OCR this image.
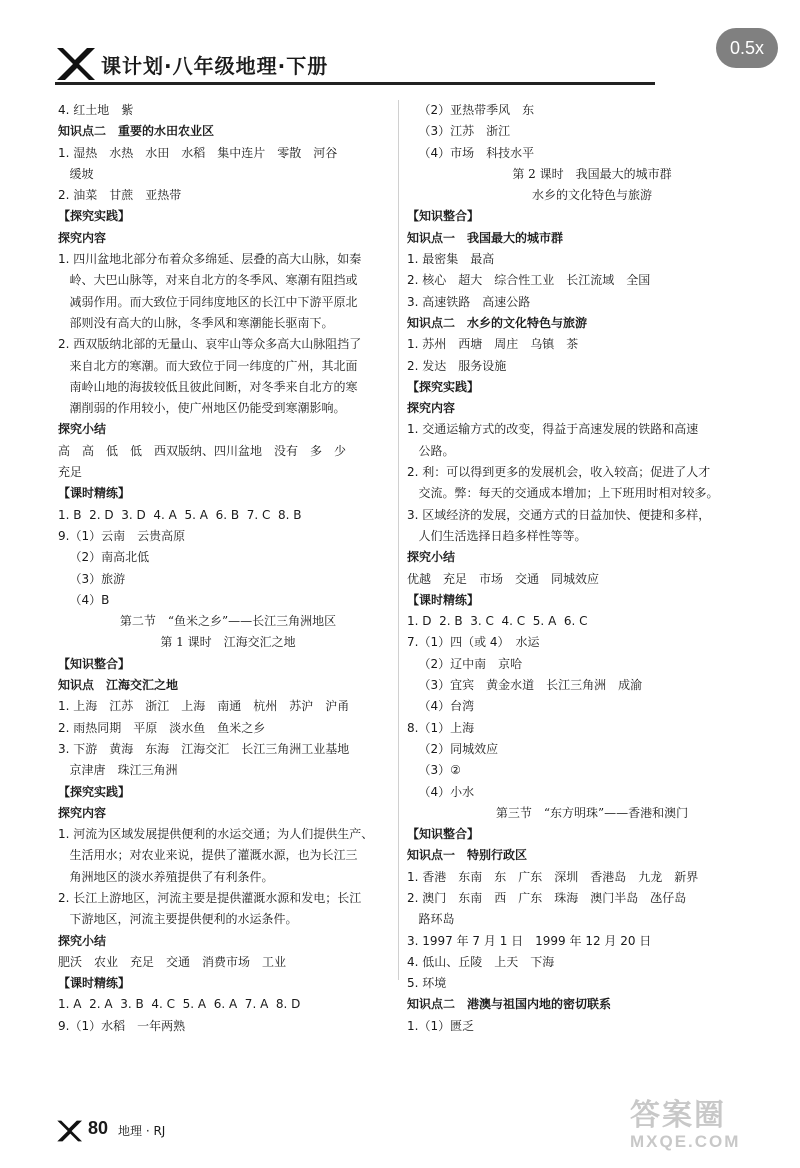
课计划·八年级地理·下册
0.5x
4. 红土地　紫
知识点二　重要的水田农业区
1. 湿热　水热　水田　水稻　集中连片　零散　河谷
缓坡
2. 油菜　甘蔗　亚热带
【探究实践】
探究内容
1. 四川盆地北部分布着众多绵延、层叠的高大山脉，如秦
岭、大巴山脉等，对来自北方的冬季风、寒潮有阻挡或
减弱作用。而大致位于同纬度地区的长江中下游平原北
部则没有高大的山脉，冬季风和寒潮能长驱南下。
2. 西双版纳北部的无量山、哀牢山等众多高大山脉阻挡了
来自北方的寒潮。而大致位于同一纬度的广州，其北面
南岭山地的海拔较低且彼此间断，对冬季来自北方的寒
潮削弱的作用较小，使广州地区仍能受到寒潮影响。
探究小结
高　高　低　低　西双版纳、四川盆地　没有　多　少
充足
【课时精练】
1. B  2. D  3. D  4. A  5. A  6. B  7. C  8. B
9.（1）云南　云贵高原
（2）南高北低
（3）旅游
（4）B
第二节　“鱼米之乡”——长江三角洲地区
第 1 课时　江海交汇之地
【知识整合】
知识点　江海交汇之地
1. 上海　江苏　浙江　上海　南通　杭州　苏沪　沪甬
2. 雨热同期　平原　淡水鱼　鱼米之乡
3. 下游　黄海　东海　江海交汇　长江三角洲工业基地
京津唐　珠江三角洲
【探究实践】
探究内容
1. 河流为区域发展提供便利的水运交通；为人们提供生产、
生活用水；对农业来说，提供了灌溉水源，也为长江三
角洲地区的淡水养殖提供了有利条件。
2. 长江上游地区，河流主要是提供灌溉水源和发电；长江
下游地区，河流主要提供便利的水运条件。
探究小结
肥沃　农业　充足　交通　消费市场　工业
【课时精练】
1. A  2. A  3. B  4. C  5. A  6. A  7. A  8. D
9.（1）水稻　一年两熟
（2）亚热带季风　东
（3）江苏　浙江
（4）市场　科技水平
第 2 课时　我国最大的城市群
水乡的文化特色与旅游
【知识整合】
知识点一　我国最大的城市群
1. 最密集　最高
2. 核心　超大　综合性工业　长江流域　全国
3. 高速铁路　高速公路
知识点二　水乡的文化特色与旅游
1. 苏州　西塘　周庄　乌镇　茶
2. 发达　服务设施
【探究实践】
探究内容
1. 交通运输方式的改变，得益于高速发展的铁路和高速
公路。
2. 利：可以得到更多的发展机会，收入较高；促进了人才
交流。弊：每天的交通成本增加；上下班用时相对较多。
3. 区域经济的发展，交通方式的日益加快、便捷和多样，
人们生活选择日趋多样性等等。
探究小结
优越　充足　市场　交通　同城效应
【课时精练】
1. D  2. B  3. C  4. C  5. A  6. C
7.（1）四（或 4）　水运
（2）辽中南　京哈
（3）宜宾　黄金水道　长江三角洲　成渝
（4）台湾
8.（1）上海
（2）同城效应
（3）②
（4）小水
第三节　“东方明珠”——香港和澳门
【知识整合】
知识点一　特别行政区
1. 香港　东南　东　广东　深圳　香港岛　九龙　新界
2. 澳门　东南　西　广东　珠海　澳门半岛　氹仔岛
路环岛
3. 1997 年 7 月 1 日　1999 年 12 月 20 日
4. 低山、丘陵　上天　下海
5. 环境
知识点二　港澳与祖国内地的密切联系
1.（1）匮乏
80 地理 · RJ	答案圈
MXQE.COM
